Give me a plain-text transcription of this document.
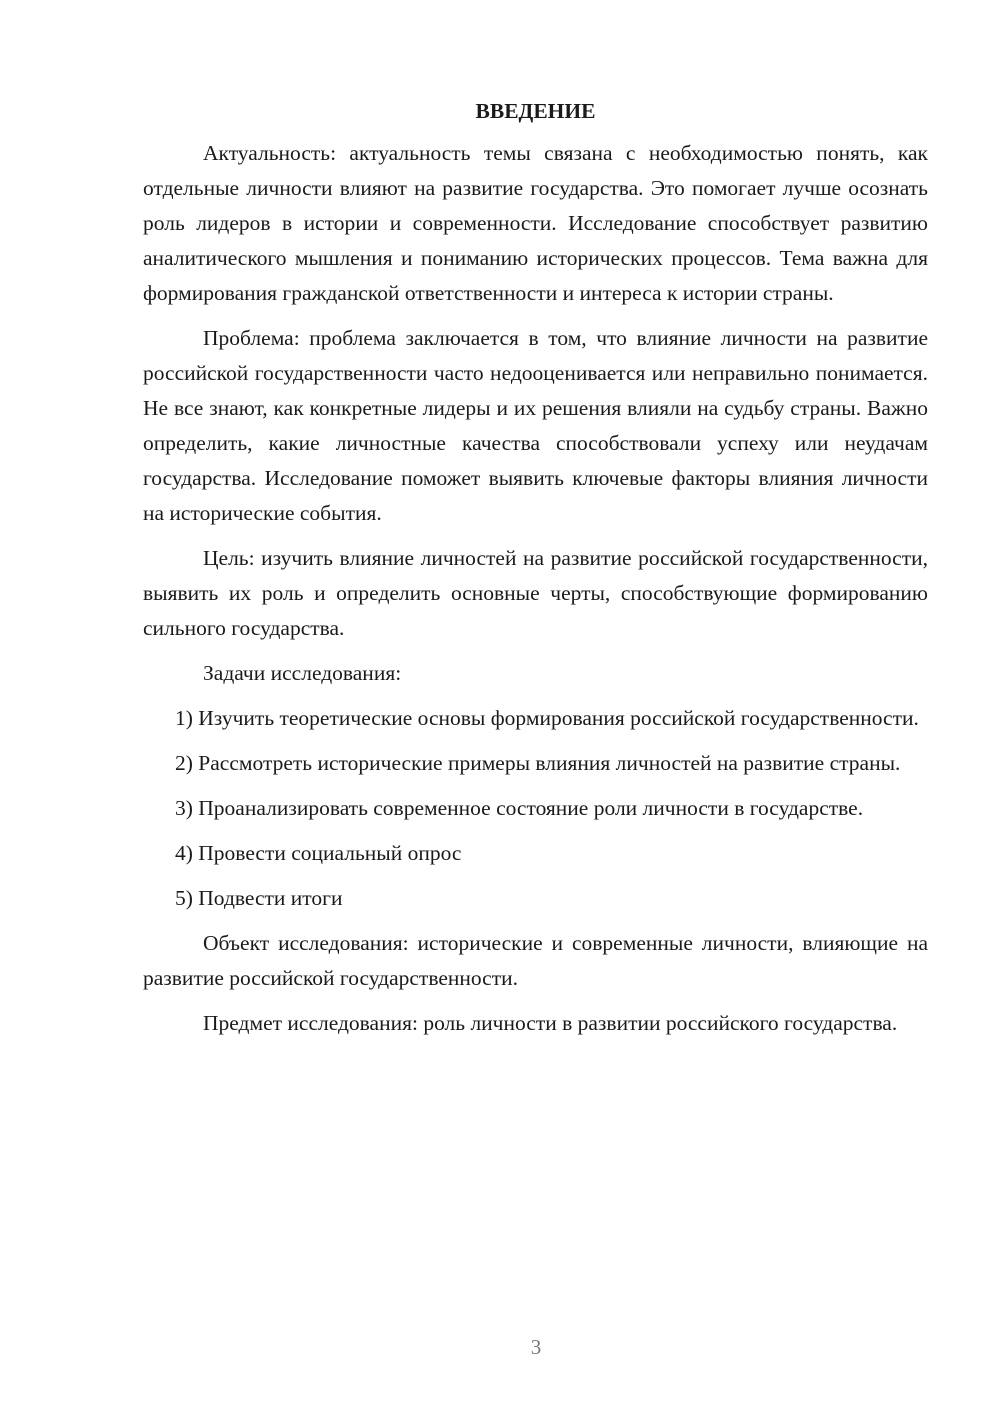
ВВЕДЕНИЕ

Актуальность: актуальность темы связана с необходимостью понять, как отдельные личности влияют на развитие государства. Это помогает лучше осознать роль лидеров в истории и современности. Исследование способствует развитию аналитического мышления и пониманию исторических процессов. Тема важна для формирования гражданской ответственности и интереса к истории страны.

Проблема: проблема заключается в том, что влияние личности на развитие российской государственности часто недооценивается или неправильно понимается. Не все знают, как конкретные лидеры и их решения влияли на судьбу страны. Важно определить, какие личностные качества способствовали успеху или неудачам государства. Исследование поможет выявить ключевые факторы влияния личности на исторические события.

Цель: изучить влияние личностей на развитие российской государственности, выявить их роль и определить основные черты, способствующие формированию сильного государства.

Задачи исследования:

1) Изучить теоретические основы формирования российской государственности.

2) Рассмотреть исторические примеры влияния личностей на развитие страны.

3) Проанализировать современное состояние роли личности в государстве.

4) Провести социальный опрос

5) Подвести итоги

Объект исследования: исторические и современные личности, влияющие на развитие российской государственности.

Предмет исследования: роль личности в развитии российского государства.

3
